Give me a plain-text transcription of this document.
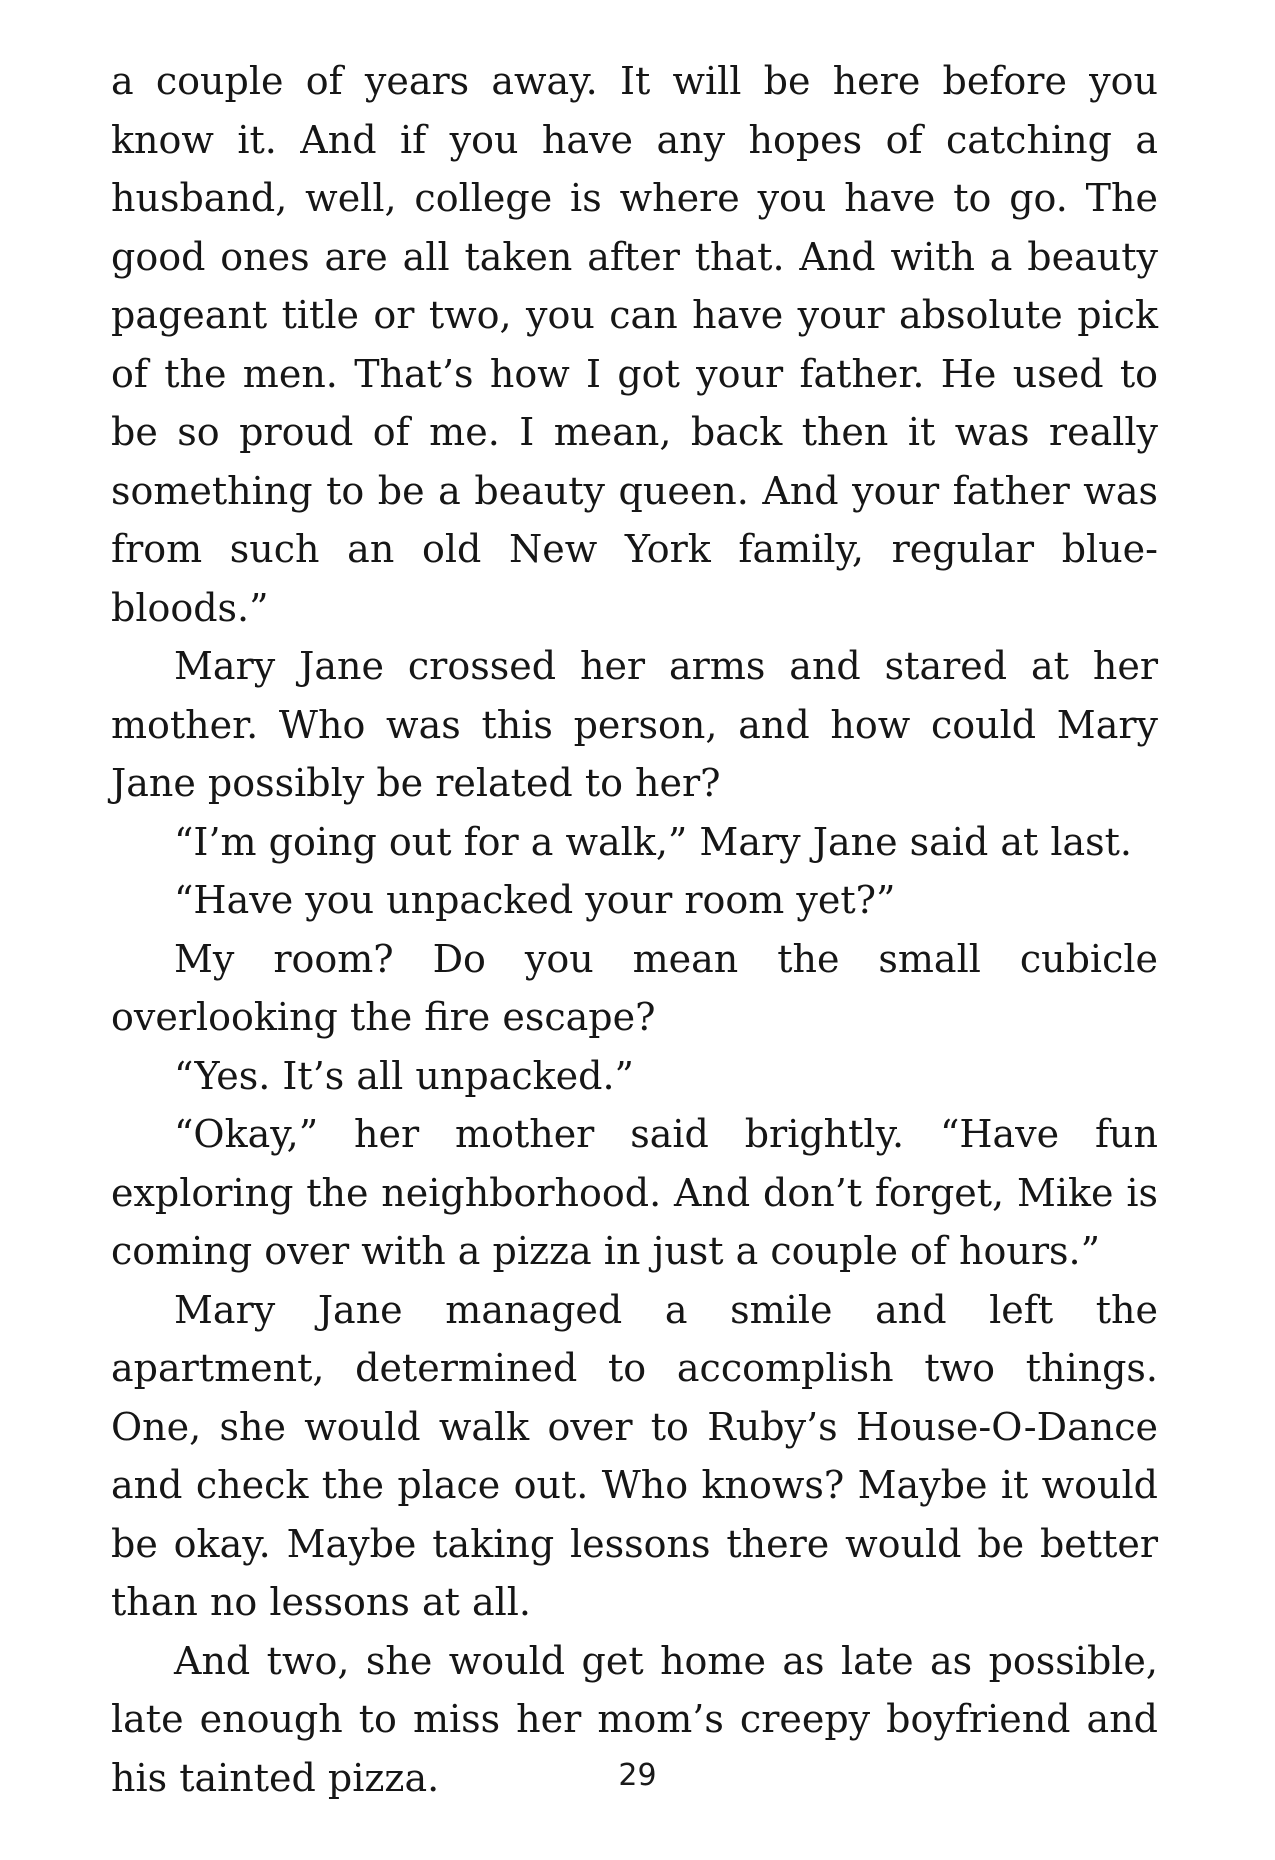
a couple of years away. It will be here before you know it. And if you have any hopes of catching a husband, well, college is where you have to go. The good ones are all taken after that. And with a beauty pageant title or two, you can have your absolute pick of the men. That’s how I got your father. He used to be so proud of me. I mean, back then it was really something to be a beauty queen. And your father was from such an old New York family, regular blue-bloods.”

Mary Jane crossed her arms and stared at her mother. Who was this person, and how could Mary Jane possibly be related to her?

“I’m going out for a walk,” Mary Jane said at last.

“Have you unpacked your room yet?”

My room? Do you mean the small cubicle overlooking the fire escape?

“Yes. It’s all unpacked.”

“Okay,” her mother said brightly. “Have fun exploring the neighborhood. And don’t forget, Mike is coming over with a pizza in just a couple of hours.”

Mary Jane managed a smile and left the apartment, determined to accomplish two things. One, she would walk over to Ruby’s House-O-Dance and check the place out. Who knows? Maybe it would be okay. Maybe taking lessons there would be better than no lessons at all.

And two, she would get home as late as possible, late enough to miss her mom’s creepy boyfriend and his tainted pizza.	29
